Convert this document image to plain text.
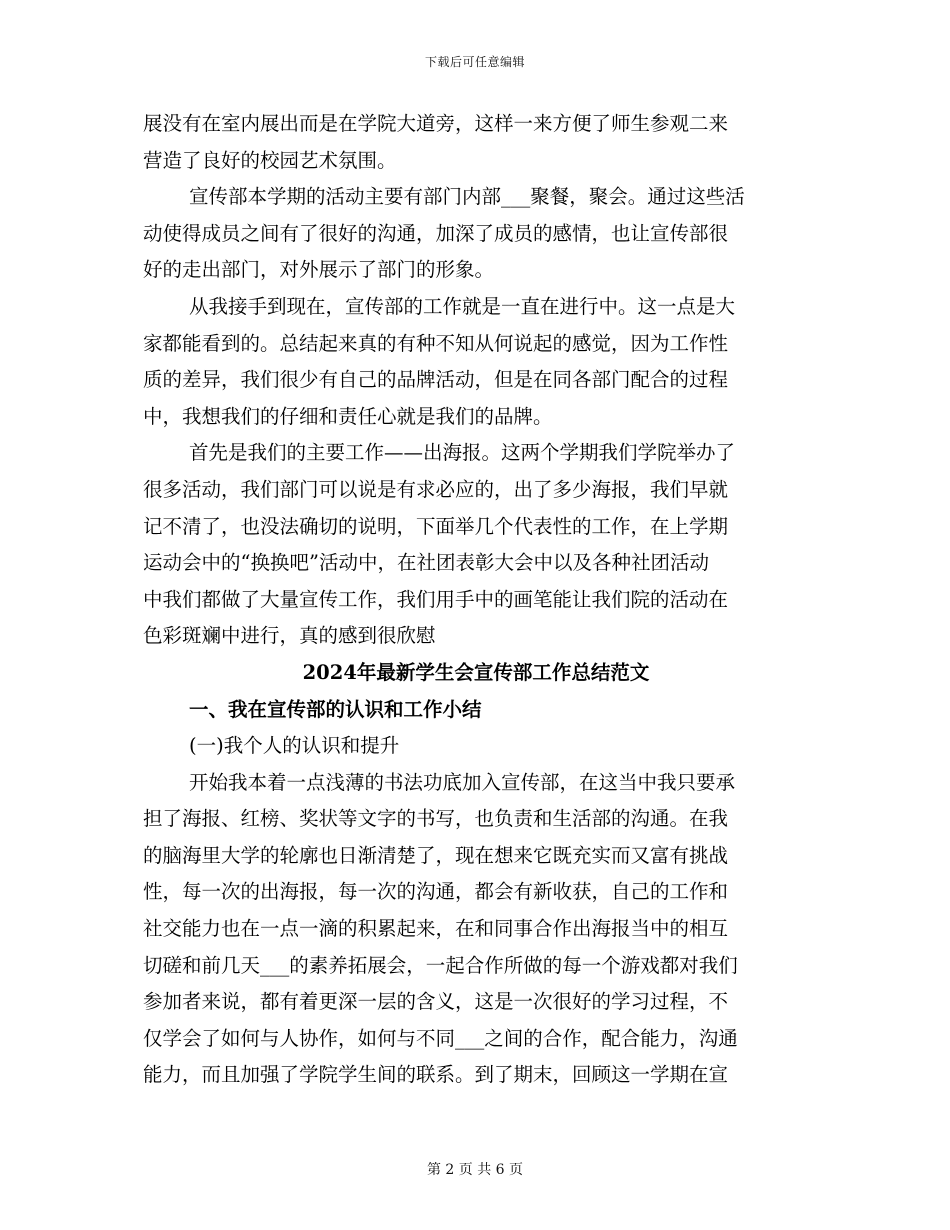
下载后可任意编辑
展没有在室内展出而是在学院大道旁，这样一来方便了师生参观二来
营造了良好的校园艺术氛围。
宣传部本学期的活动主要有部门内部___聚餐，聚会。通过这些活
动使得成员之间有了很好的沟通，加深了成员的感情，也让宣传部很
好的走出部门，对外展示了部门的形象。
从我接手到现在，宣传部的工作就是一直在进行中。这一点是大
家都能看到的。总结起来真的有种不知从何说起的感觉，因为工作性
质的差异，我们很少有自己的品牌活动，但是在同各部门配合的过程
中，我想我们的仔细和责任心就是我们的品牌。
首先是我们的主要工作——出海报。这两个学期我们学院举办了
很多活动，我们部门可以说是有求必应的，出了多少海报，我们早就
记不清了，也没法确切的说明，下面举几个代表性的工作，在上学期
运动会中的“换换吧”活动中，在社团表彰大会中以及各种社团活动
中我们都做了大量宣传工作，我们用手中的画笔能让我们院的活动在
色彩斑斓中进行，真的感到很欣慰
2024年最新学生会宣传部工作总结范文
一、我在宣传部的认识和工作小结
(一)我个人的认识和提升
开始我本着一点浅薄的书法功底加入宣传部，在这当中我只要承
担了海报、红榜、奖状等文字的书写，也负责和生活部的沟通。在我
的脑海里大学的轮廓也日渐清楚了，现在想来它既充实而又富有挑战
性，每一次的出海报，每一次的沟通，都会有新收获，自己的工作和
社交能力也在一点一滴的积累起来，在和同事合作出海报当中的相互
切磋和前几天___的素养拓展会，一起合作所做的每一个游戏都对我们
参加者来说，都有着更深一层的含义，这是一次很好的学习过程，不
仅学会了如何与人协作，如何与不同___之间的合作，配合能力，沟通
能力，而且加强了学院学生间的联系。到了期末，回顾这一学期在宣
第 2 页 共 6 页
